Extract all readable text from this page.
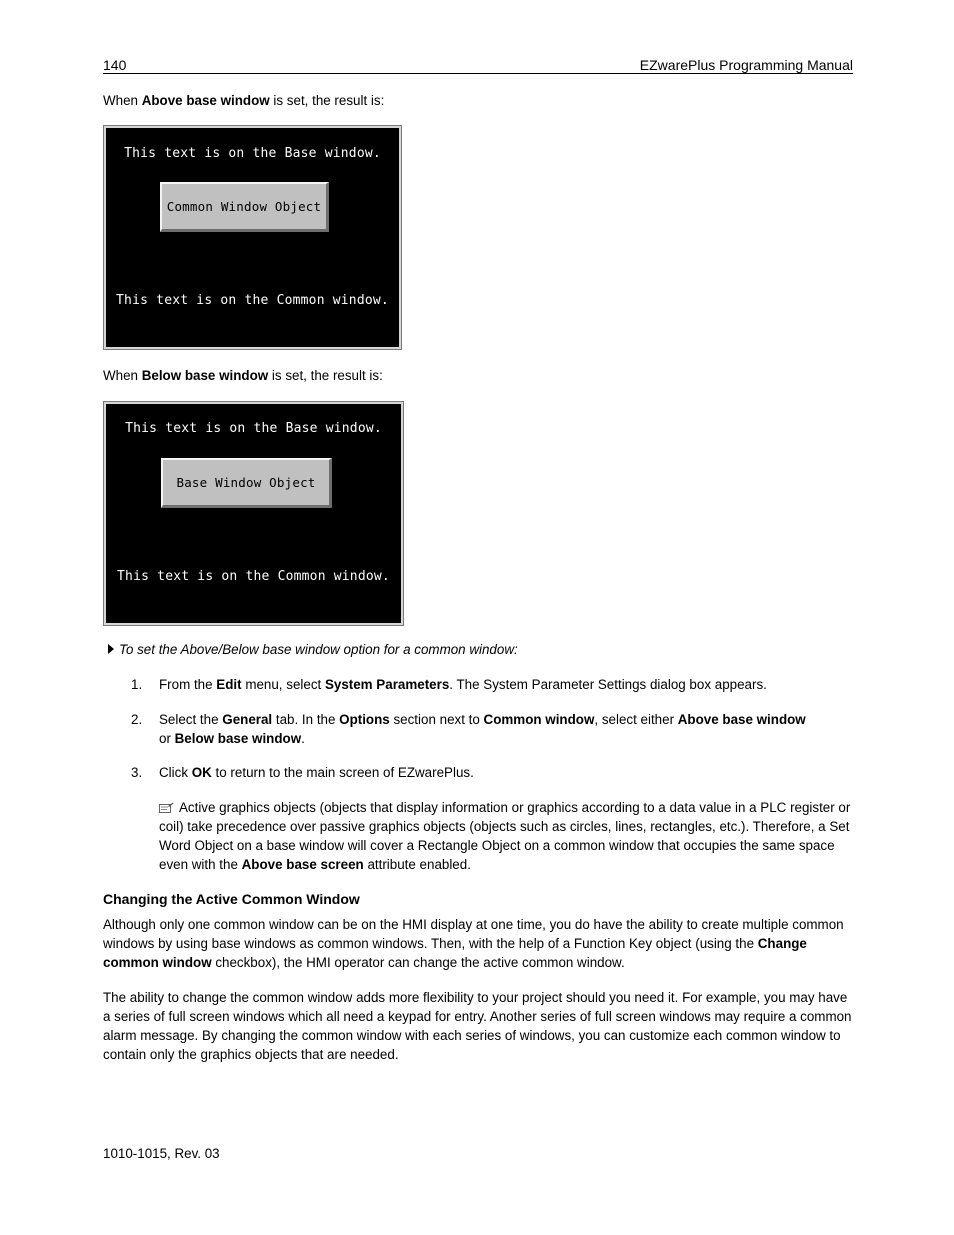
140	EZwarePlus Programming Manual
When Above base window is set, the result is:
This text is on the Base window.
Common Window Object
This text is on the Common window.
When Below base window is set, the result is:
This text is on the Base window.
Base Window Object
This text is on the Common window.
To set the Above/Below base window option for a common window:
1. From the Edit menu, select System Parameters. The System Parameter Settings dialog box appears.
2. Select the General tab. In the Options section next to Common window, select either Above base window
or Below base window.
3. Click OK to return to the main screen of EZwarePlus.
Active graphics objects (objects that display information or graphics according to a data value in a PLC register or coil) take precedence over passive graphics objects (objects such as circles, lines, rectangles, etc.). Therefore, a Set Word Object on a base window will cover a Rectangle Object on a common window that occupies the same space even with the Above base screen attribute enabled.
Changing the Active Common Window
Although only one common window can be on the HMI display at one time, you do have the ability to create multiple common windows by using base windows as common windows. Then, with the help of a Function Key object (using the Change common window checkbox), the HMI operator can change the active common window.
The ability to change the common window adds more flexibility to your project should you need it. For example, you may have a series of full screen windows which all need a keypad for entry. Another series of full screen windows may require a common alarm message. By changing the common window with each series of windows, you can customize each common window to contain only the graphics objects that are needed.
1010-1015, Rev. 03
